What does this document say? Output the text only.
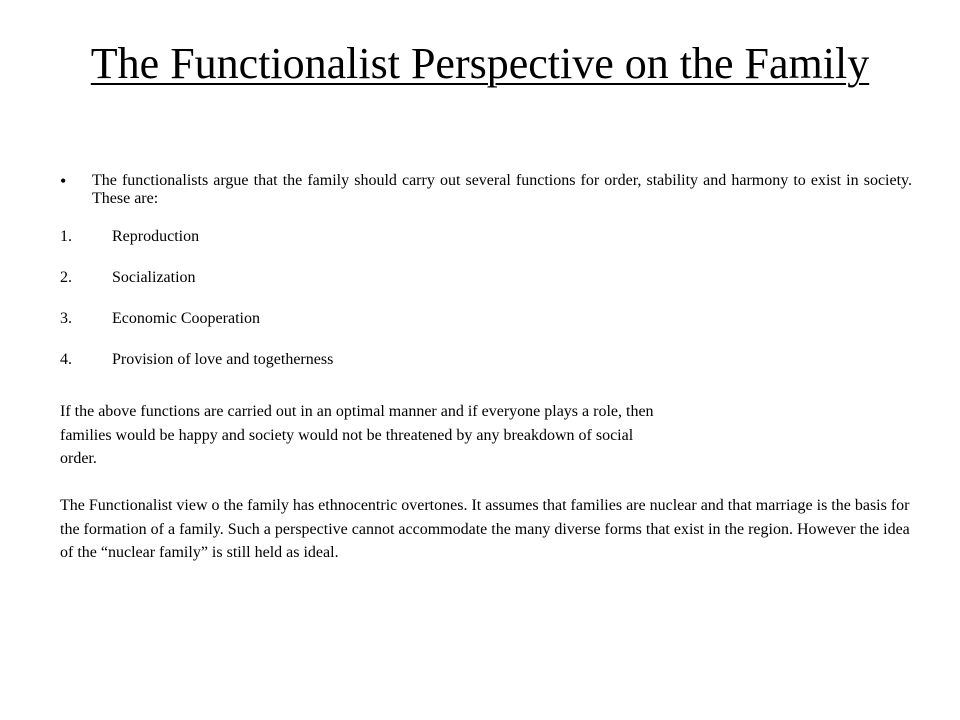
The Functionalist Perspective on the Family
• The functionalists argue that the family should carry out several functions for order, stability and harmony to exist in society. These are:
1.	Reproduction
2.	Socialization
3.	Economic Cooperation
4.	Provision of love and togetherness

If the above functions are carried out in an optimal manner and if everyone plays a role, then families would be happy and society would not be threatened by any breakdown of social order.

The Functionalist view o the family has ethnocentric overtones. It assumes that families are nuclear and that marriage is the basis for the formation of a family. Such a perspective cannot accommodate the many diverse forms that exist in the region. However the idea of the “nuclear family” is still held as ideal.
